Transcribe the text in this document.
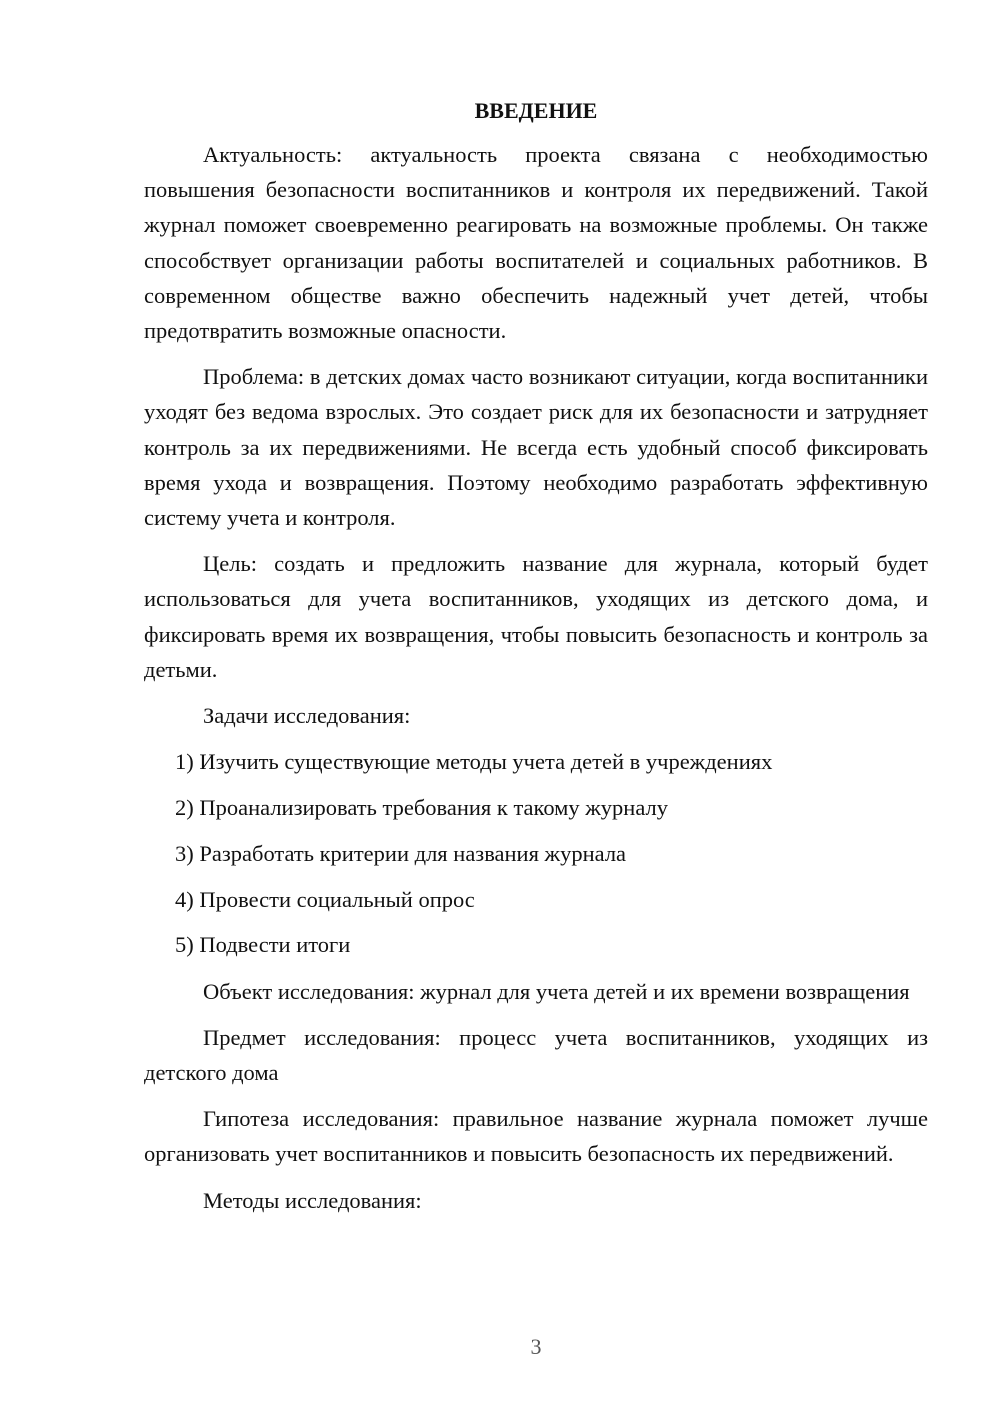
ВВЕДЕНИЕ

Актуальность: актуальность проекта связана с необходимостью повышения безопасности воспитанников и контроля их передвижений. Такой журнал поможет своевременно реагировать на возможные проблемы. Он также способствует организации работы воспитателей и социальных работников. В современном обществе важно обеспечить надежный учет детей, чтобы предотвратить возможные опасности.

Проблема: в детских домах часто возникают ситуации, когда воспитанники уходят без ведома взрослых. Это создает риск для их безопасности и затрудняет контроль за их передвижениями. Не всегда есть удобный способ фиксировать время ухода и возвращения. Поэтому необходимо разработать эффективную систему учета и контроля.

Цель: создать и предложить название для журнала, который будет использоваться для учета воспитанников, уходящих из детского дома, и фиксировать время их возвращения, чтобы повысить безопасность и контроль за детьми.

Задачи исследования:

1) Изучить существующие методы учета детей в учреждениях
2) Проанализировать требования к такому журналу
3) Разработать критерии для названия журнала
4) Провести социальный опрос
5) Подвести итоги

Объект исследования: журнал для учета детей и их времени возвращения

Предмет исследования: процесс учета воспитанников, уходящих из детского дома

Гипотеза исследования: правильное название журнала поможет лучше организовать учет воспитанников и повысить безопасность их передвижений.

Методы исследования:

3
